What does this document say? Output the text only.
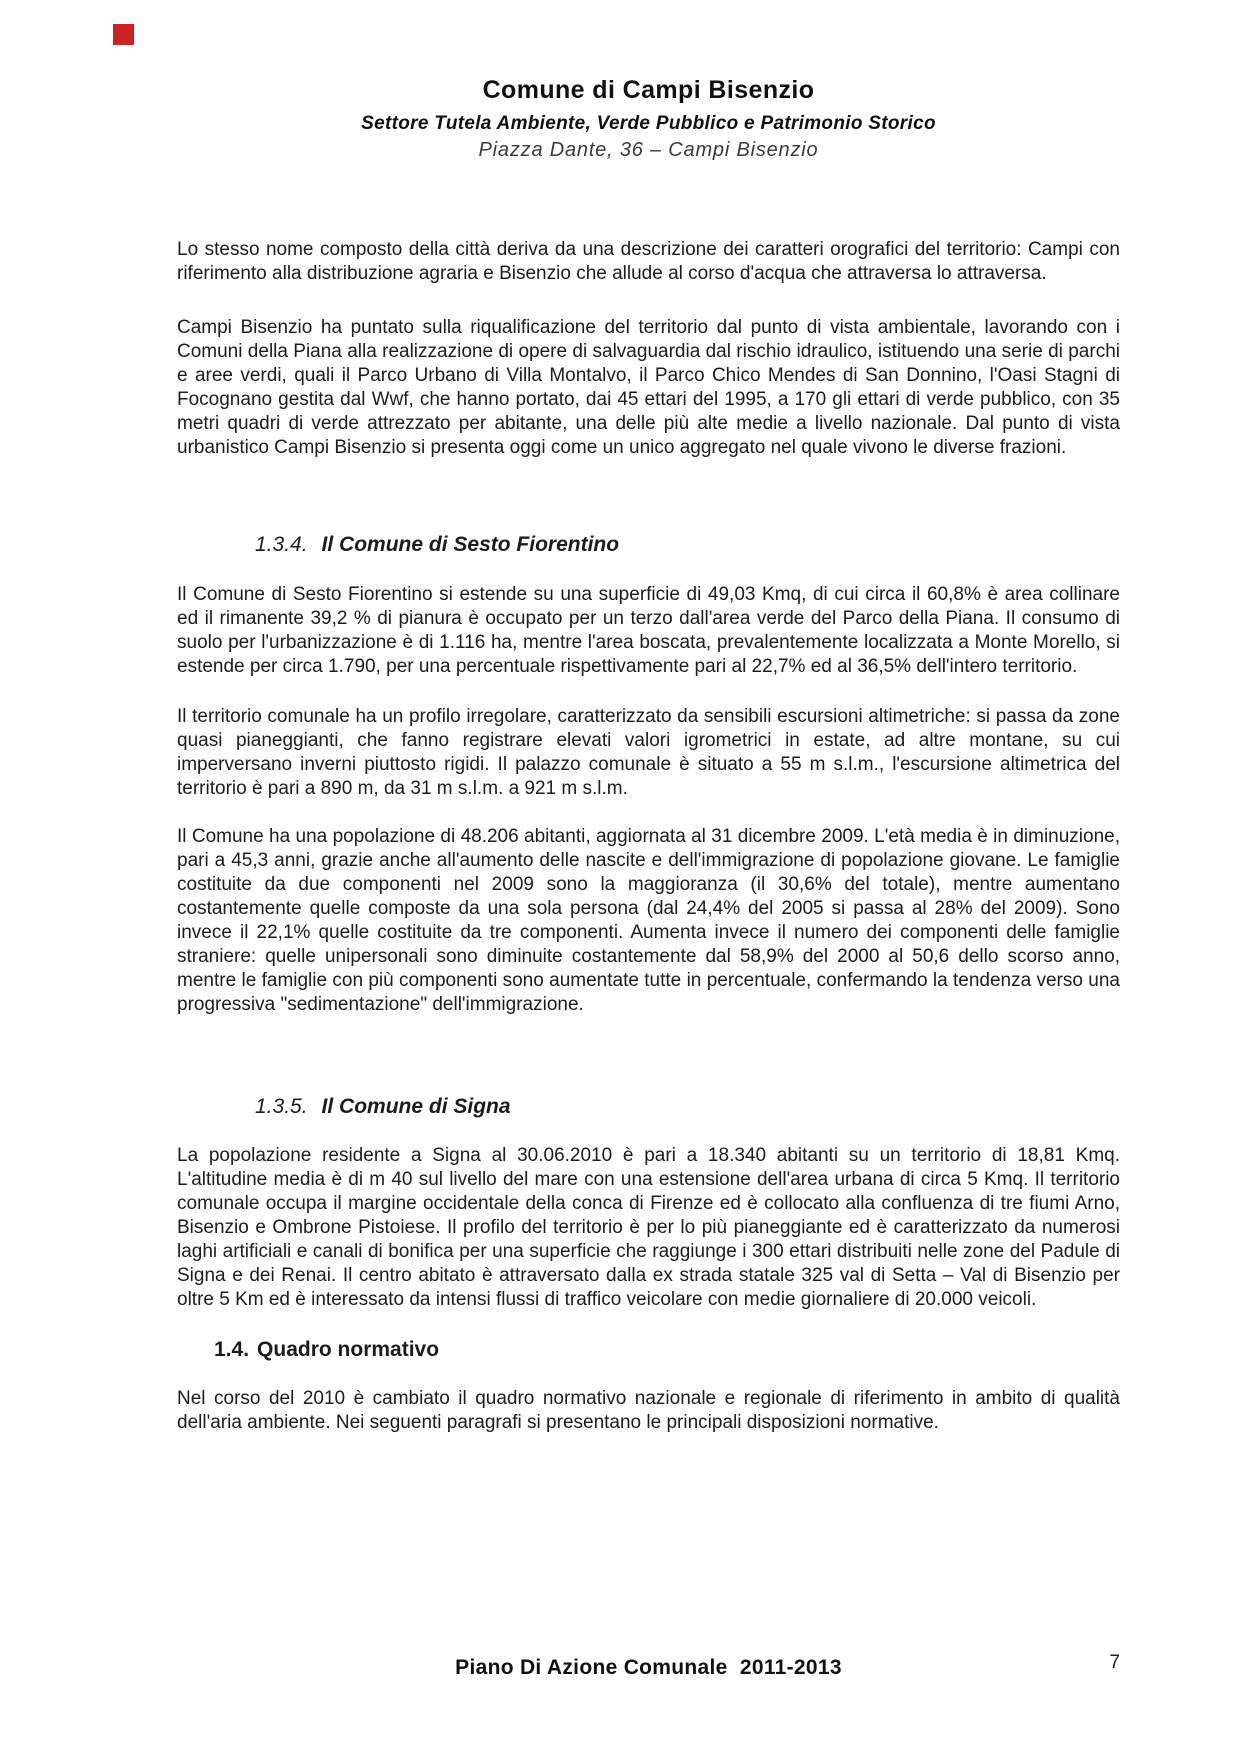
Comune di Campi Bisenzio
Settore Tutela Ambiente, Verde Pubblico e Patrimonio Storico
Piazza Dante, 36 – Campi Bisenzio

Lo stesso nome composto della città deriva da una descrizione dei caratteri orografici del territorio: Campi con riferimento alla distribuzione agraria e Bisenzio che allude al corso d'acqua che attraversa lo attraversa.

Campi Bisenzio ha puntato sulla riqualificazione del territorio dal punto di vista ambientale, lavorando con i Comuni della Piana alla realizzazione di opere di salvaguardia dal rischio idraulico, istituendo una serie di parchi e aree verdi, quali il Parco Urbano di Villa Montalvo, il Parco Chico Mendes di San Donnino, l'Oasi Stagni di Focognano gestita dal Wwf, che hanno portato, dai 45 ettari del 1995, a 170 gli ettari di verde pubblico, con 35 metri quadri di verde attrezzato per abitante, una delle più alte medie a livello nazionale. Dal punto di vista urbanistico Campi Bisenzio si presenta oggi come un unico aggregato nel quale vivono le diverse frazioni.

1.3.4. Il Comune di Sesto Fiorentino

Il Comune di Sesto Fiorentino si estende su una superficie di 49,03 Kmq, di cui circa il 60,8% è area collinare ed il rimanente 39,2 % di pianura è occupato per un terzo dall'area verde del Parco della Piana. Il consumo di suolo per l'urbanizzazione è di 1.116 ha, mentre l'area boscata, prevalentemente localizzata a Monte Morello, si estende per circa 1.790, per una percentuale rispettivamente pari al 22,7% ed al 36,5% dell'intero territorio.

Il territorio comunale ha un profilo irregolare, caratterizzato da sensibili escursioni altimetriche: si passa da zone quasi pianeggianti, che fanno registrare elevati valori igrometrici in estate, ad altre montane, su cui imperversano inverni piuttosto rigidi. Il palazzo comunale è situato a 55 m s.l.m., l'escursione altimetrica del territorio è pari a 890 m, da 31 m s.l.m. a 921 m s.l.m.

Il Comune ha una popolazione di 48.206 abitanti, aggiornata al 31 dicembre 2009. L'età media è in diminuzione, pari a 45,3 anni, grazie anche all'aumento delle nascite e dell'immigrazione di popolazione giovane. Le famiglie costituite da due componenti nel 2009 sono la maggioranza (il 30,6% del totale), mentre aumentano costantemente quelle composte da una sola persona (dal 24,4% del 2005 si passa al 28% del 2009). Sono invece il 22,1% quelle costituite da tre componenti. Aumenta invece il numero dei componenti delle famiglie straniere: quelle unipersonali sono diminuite costantemente dal 58,9% del 2000 al 50,6 dello scorso anno, mentre le famiglie con più componenti sono aumentate tutte in percentuale, confermando la tendenza verso una progressiva "sedimentazione" dell'immigrazione.

1.3.5. Il Comune di Signa

La popolazione residente a Signa al 30.06.2010 è pari a 18.340 abitanti su un territorio di 18,81 Kmq. L'altitudine media è di m 40 sul livello del mare con una estensione dell'area urbana di circa 5 Kmq. Il territorio comunale occupa il margine occidentale della conca di Firenze ed è collocato alla confluenza di tre fiumi Arno, Bisenzio e Ombrone Pistoiese. Il profilo del territorio è per lo più pianeggiante ed è caratterizzato da numerosi laghi artificiali e canali di bonifica per una superficie che raggiunge i 300 ettari distribuiti nelle zone del Padule di Signa e dei Renai. Il centro abitato è attraversato dalla ex strada statale 325 val di Setta – Val di Bisenzio per oltre 5 Km ed è interessato da intensi flussi di traffico veicolare con medie giornaliere di 20.000 veicoli.

1.4. Quadro normativo

Nel corso del 2010 è cambiato il quadro normativo nazionale e regionale di riferimento in ambito di qualità dell'aria ambiente. Nei seguenti paragrafi si presentano le principali disposizioni normative.

Piano Di Azione Comunale  2011-2013	7
